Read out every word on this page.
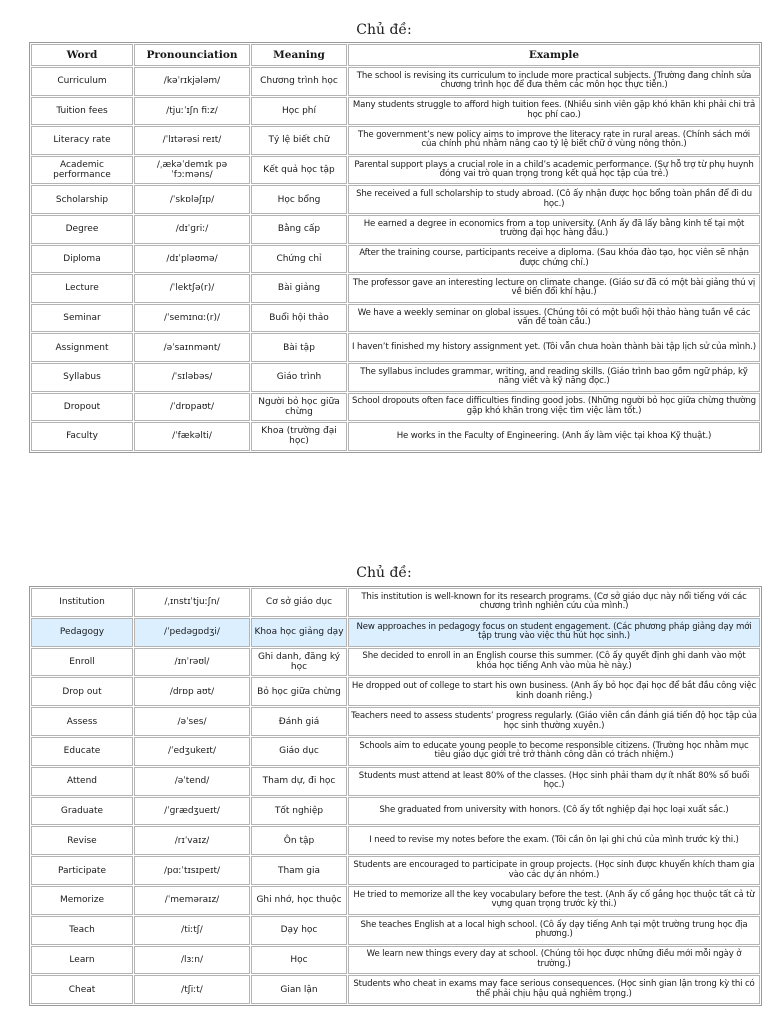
Chủ đề:
Word	Pronounciation	Meaning	Example
Curriculum	/kəˈrɪkjələm/	Chương trình học	The school is revising its curriculum to include more practical subjects. (Trường đang chỉnh sửa chương trình học để đưa thêm các môn học thực tiễn.)
Tuition fees	/tjuːˈɪʃn fiːz/	Học phí	Many students struggle to afford high tuition fees. (Nhiều sinh viên gặp khó khăn khi phải chi trả học phí cao.)
Literacy rate	/ˈlɪtərəsi reɪt/	Tỷ lệ biết chữ	The government’s new policy aims to improve the literacy rate in rural areas. (Chính sách mới của chính phủ nhằm nâng cao tỷ lệ biết chữ ở vùng nông thôn.)
Academic performance	/ˌækəˈdemɪk pəˈfɔːməns/	Kết quả học tập	Parental support plays a crucial role in a child’s academic performance. (Sự hỗ trợ từ phụ huynh đóng vai trò quan trọng trong kết quả học tập của trẻ.)
Scholarship	/ˈskɒləʃɪp/	Học bổng	She received a full scholarship to study abroad. (Cô ấy nhận được học bổng toàn phần để đi du học.)
Degree	/dɪˈɡriː/	Bằng cấp	He earned a degree in economics from a top university. (Anh ấy đã lấy bằng kinh tế tại một trường đại học hàng đầu.)
Diploma	/dɪˈpləʊmə/	Chứng chỉ	After the training course, participants receive a diploma. (Sau khóa đào tạo, học viên sẽ nhận được chứng chỉ.)
Lecture	/ˈlektʃə(r)/	Bài giảng	The professor gave an interesting lecture on climate change. (Giáo sư đã có một bài giảng thú vị về biến đổi khí hậu.)
Seminar	/ˈsemɪnɑː(r)/	Buổi hội thảo	We have a weekly seminar on global issues. (Chúng tôi có một buổi hội thảo hàng tuần về các vấn đề toàn cầu.)
Assignment	/əˈsaɪnmənt/	Bài tập	I haven’t finished my history assignment yet. (Tôi vẫn chưa hoàn thành bài tập lịch sử của mình.)
Syllabus	/ˈsɪləbəs/	Giáo trình	The syllabus includes grammar, writing, and reading skills. (Giáo trình bao gồm ngữ pháp, kỹ năng viết và kỹ năng đọc.)
Dropout	/ˈdrɒpaʊt/	Người bỏ học giữa chừng	School dropouts often face difficulties finding good jobs. (Những người bỏ học giữa chừng thường gặp khó khăn trong việc tìm việc làm tốt.)
Faculty	/ˈfækəlti/	Khoa (trường đại học)	He works in the Faculty of Engineering. (Anh ấy làm việc tại khoa Kỹ thuật.)
Chủ đề:
Institution	/ˌɪnstɪˈtjuːʃn/	Cơ sở giáo dục	This institution is well-known for its research programs. (Cơ sở giáo dục này nổi tiếng với các chương trình nghiên cứu của mình.)
Pedagogy	/ˈpedəɡɒdʒi/	Khoa học giảng dạy	New approaches in pedagogy focus on student engagement. (Các phương pháp giảng dạy mới tập trung vào việc thu hút học sinh.)
Enroll	/ɪnˈrəʊl/	Ghi danh, đăng ký học	She decided to enroll in an English course this summer. (Cô ấy quyết định ghi danh vào một khóa học tiếng Anh vào mùa hè này.)
Drop out	/drɒp aʊt/	Bỏ học giữa chừng	He dropped out of college to start his own business. (Anh ấy bỏ học đại học để bắt đầu công việc kinh doanh riêng.)
Assess	/əˈses/	Đánh giá	Teachers need to assess students’ progress regularly. (Giáo viên cần đánh giá tiến độ học tập của học sinh thường xuyên.)
Educate	/ˈedʒukeɪt/	Giáo dục	Schools aim to educate young people to become responsible citizens. (Trường học nhằm mục tiêu giáo dục giới trẻ trở thành công dân có trách nhiệm.)
Attend	/əˈtend/	Tham dự, đi học	Students must attend at least 80% of the classes. (Học sinh phải tham dự ít nhất 80% số buổi học.)
Graduate	/ˈɡrædʒueɪt/	Tốt nghiệp	She graduated from university with honors. (Cô ấy tốt nghiệp đại học loại xuất sắc.)
Revise	/rɪˈvaɪz/	Ôn tập	I need to revise my notes before the exam. (Tôi cần ôn lại ghi chú của mình trước kỳ thi.)
Participate	/pɑːˈtɪsɪpeɪt/	Tham gia	Students are encouraged to participate in group projects. (Học sinh được khuyến khích tham gia vào các dự án nhóm.)
Memorize	/ˈmeməraɪz/	Ghi nhớ, học thuộc	He tried to memorize all the key vocabulary before the test. (Anh ấy cố gắng học thuộc tất cả từ vựng quan trọng trước kỳ thi.)
Teach	/tiːtʃ/	Dạy học	She teaches English at a local high school. (Cô ấy dạy tiếng Anh tại một trường trung học địa phương.)
Learn	/lɜːn/	Học	We learn new things every day at school. (Chúng tôi học được những điều mới mỗi ngày ở trường.)
Cheat	/tʃiːt/	Gian lận	Students who cheat in exams may face serious consequences. (Học sinh gian lận trong kỳ thi có thể phải chịu hậu quả nghiêm trọng.)
